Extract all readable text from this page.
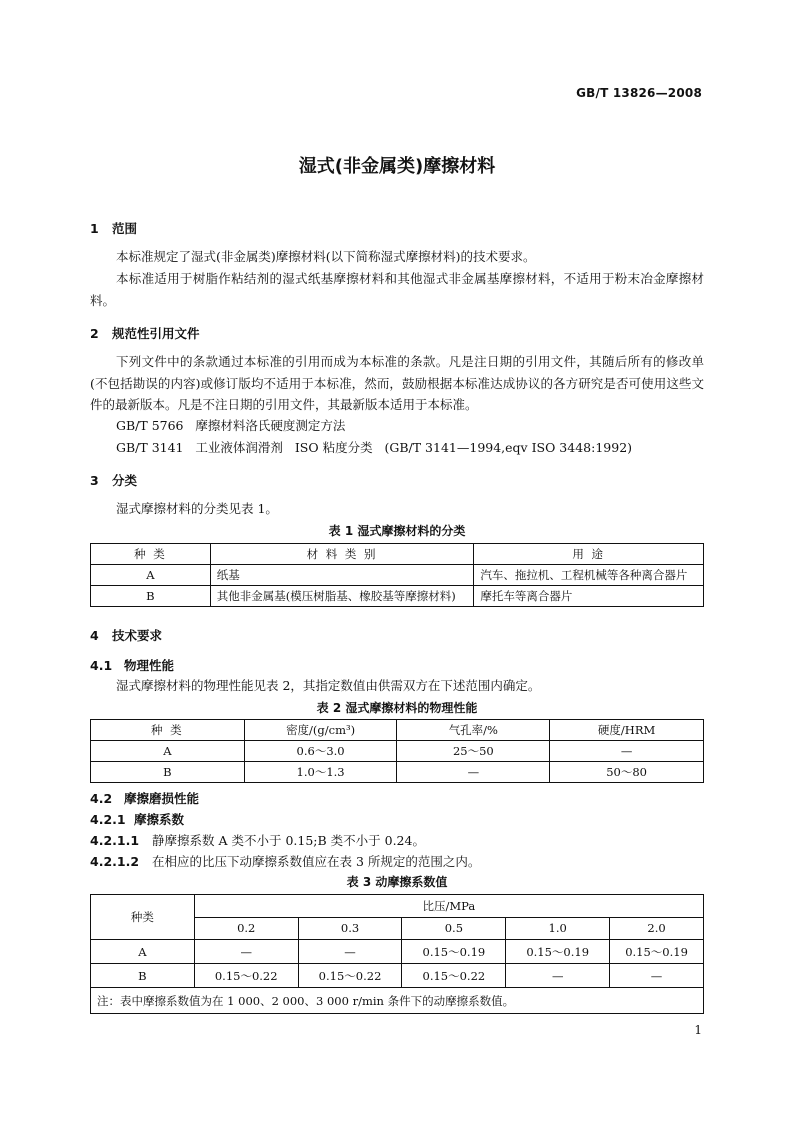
GB/T 13826—2008
湿式(非金属类)摩擦材料
1 范围
本标准规定了湿式(非金属类)摩擦材料(以下简称湿式摩擦材料)的技术要求。
本标准适用于树脂作粘结剂的湿式纸基摩擦材料和其他湿式非金属基摩擦材料，不适用于粉末冶金摩擦材料。
2 规范性引用文件
下列文件中的条款通过本标准的引用而成为本标准的条款。凡是注日期的引用文件，其随后所有的修改单(不包括勘误的内容)或修订版均不适用于本标准，然而，鼓励根据本标准达成协议的各方研究是否可使用这些文件的最新版本。凡是不注日期的引用文件，其最新版本适用于本标准。
GB/T 5766   摩擦材料洛氏硬度测定方法
GB/T 3141   工业液体润滑剂   ISO 粘度分类   (GB/T 3141—1994,eqv ISO 3448:1992)
3 分类
湿式摩擦材料的分类见表 1。
表 1 湿式摩擦材料的分类
种 类	材 料 类 别	用 途
A	纸基	汽车、拖拉机、工程机械等各种离合器片
B	其他非金属基(模压树脂基、橡胶基等摩擦材料)	摩托车等离合器片
4 技术要求
4.1 物理性能
湿式摩擦材料的物理性能见表 2，其指定数值由供需双方在下述范围内确定。
表 2 湿式摩擦材料的物理性能
种 类	密度/(g/cm³)	气孔率/%	硬度/HRM
A	0.6～3.0	25～50	—
B	1.0～1.3	—	50～80
4.2 摩擦磨损性能
4.2.1 摩擦系数
4.2.1.1 静摩擦系数 A 类不小于 0.15;B 类不小于 0.24。
4.2.1.2 在相应的比压下动摩擦系数值应在表 3 所规定的范围之内。
表 3 动摩擦系数值
种类	比压/MPa				
	0.2	0.3	0.5	1.0	2.0
A	—	—	0.15～0.19	0.15～0.19	0.15～0.19
B	0.15～0.22	0.15～0.22	0.15～0.22	—	—
注：表中摩擦系数值为在 1 000、2 000、3 000 r/min 条件下的动摩擦系数值。					
1
